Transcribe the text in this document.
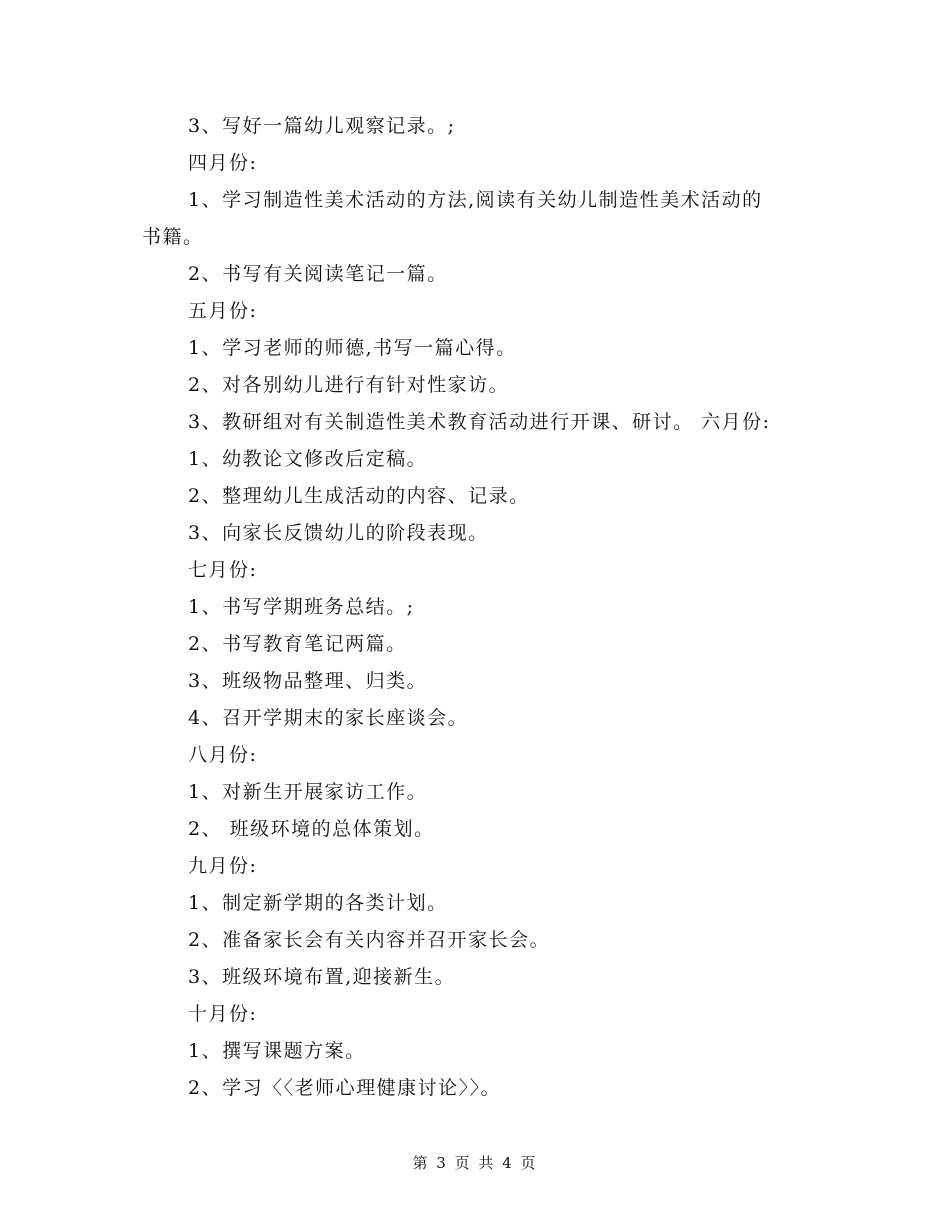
3、写好一篇幼儿观察记录。;
四月份:
1、学习制造性美术活动的方法,阅读有关幼儿制造性美术活动的
书籍。
2、书写有关阅读笔记一篇。
五月份:
1、学习老师的师德,书写一篇心得。
2、对各别幼儿进行有针对性家访。
3、教研组对有关制造性美术教育活动进行开课、研讨。 六月份:
1、幼教论文修改后定稿。
2、整理幼儿生成活动的内容、记录。
3、向家长反馈幼儿的阶段表现。
七月份:
1、书写学期班务总结。;
2、书写教育笔记两篇。
3、班级物品整理、归类。
4、召开学期末的家长座谈会。
八月份:
1、对新生开展家访工作。
2、 班级环境的总体策划。
九月份:
1、制定新学期的各类计划。
2、准备家长会有关内容并召开家长会。
3、班级环境布置,迎接新生。
十月份:
1、撰写课题方案。
2、学习〈〈老师心理健康讨论〉〉。
第 3 页 共 4 页
